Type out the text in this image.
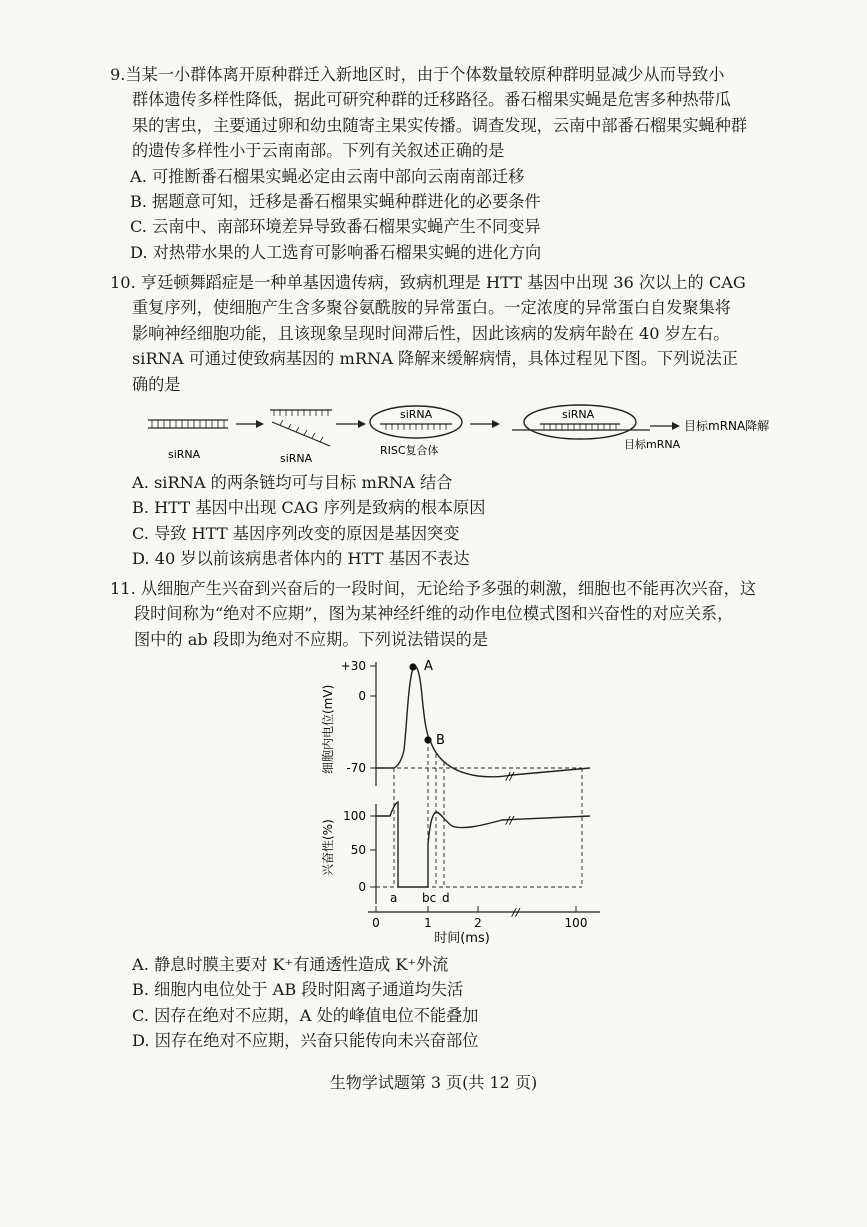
9.当某一小群体离开原种群迁入新地区时，由于个体数量较原种群明显减少从而导致小

群体遗传多样性降低，据此可研究种群的迁移路径。番石榴果实蝇是危害多种热带瓜

果的害虫，主要通过卵和幼虫随寄主果实传播。调查发现，云南中部番石榴果实蝇种群

的遗传多样性小于云南南部。下列有关叙述正确的是

A. 可推断番石榴果实蝇必定由云南中部向云南南部迁移

B. 据题意可知，迁移是番石榴果实蝇种群进化的必要条件

C. 云南中、南部环境差异导致番石榴果实蝇产生不同变异

D. 对热带水果的人工选育可影响番石榴果实蝇的进化方向

10. 亨廷顿舞蹈症是一种单基因遗传病，致病机理是 HTT 基因中出现 36 次以上的 CAG

重复序列，使细胞产生含多聚谷氨酰胺的异常蛋白。一定浓度的异常蛋白自发聚集将

影响神经细胞功能，且该现象呈现时间滞后性，因此该病的发病年龄在 40 岁左右。

siRNA 可通过使致病基因的 mRNA 降解来缓解病情，具体过程见下图。下列说法正

确的是

siRNA	siRNA
siRNA
RISC复合体
siRNA
目标mRNA
目标mRNA降解

A. siRNA 的两条链均可与目标 mRNA 结合

B. HTT 基因中出现 CAG 序列是致病的根本原因

C. 导致 HTT 基因序列改变的原因是基因突变

D. 40 岁以前该病患者体内的 HTT 基因不表达

11. 从细胞产生兴奋到兴奋后的一段时间，无论给予多强的刺激，细胞也不能再次兴奋，这

段时间称为“绝对不应期”，图为某神经纤维的动作电位模式图和兴奋性的对应关系，

图中的 ab 段即为绝对不应期。下列说法错误的是

+30
0
-70
细胞内电位(mV)
A
B
//
100
50
0
兴奋性(%)	//
a bc d
0	1	2	100
//
时间(ms)

A. 静息时膜主要对 K⁺有通透性造成 K⁺外流

B. 细胞内电位处于 AB 段时阳离子通道均失活

C. 因存在绝对不应期，A 处的峰值电位不能叠加

D. 因存在绝对不应期，兴奋只能传向未兴奋部位

生物学试题第 3 页(共 12 页)
